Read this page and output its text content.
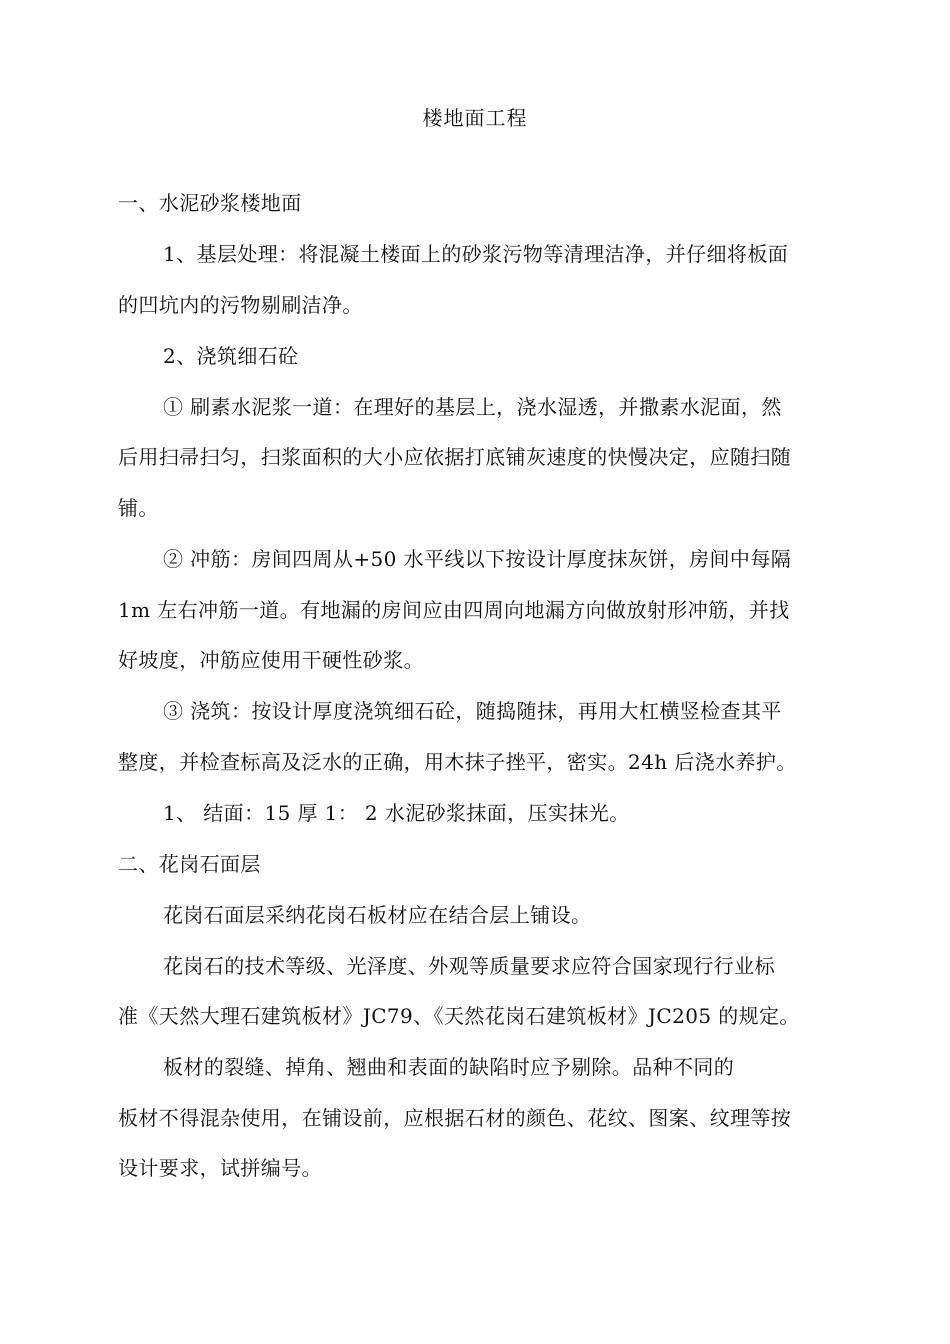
楼地面工程
一、水泥砂浆楼地面
1、基层处理：将混凝土楼面上的砂浆污物等清理洁净，并仔细将板面
的凹坑内的污物剔刷洁净。
2、浇筑细石砼
① 刷素水泥浆一道：在理好的基层上，浇水湿透，并撒素水泥面，然
后用扫帚扫匀，扫浆面积的大小应依据打底铺灰速度的快慢决定，应随扫随
铺。
② 冲筋：房间四周从+50 水平线以下按设计厚度抹灰饼，房间中每隔
1m 左右冲筋一道。有地漏的房间应由四周向地漏方向做放射形冲筋，并找
好坡度，冲筋应使用干硬性砂浆。
③ 浇筑：按设计厚度浇筑细石砼，随捣随抹，再用大杠横竖检查其平
整度，并检查标高及泛水的正确，用木抹子挫平，密实。24h 后浇水养护。
1、 结面：15 厚 1： 2 水泥砂浆抹面，压实抹光。
二、花岗石面层
花岗石面层采纳花岗石板材应在结合层上铺设。
花岗石的技术等级、光泽度、外观等质量要求应符合国家现行行业标
准《天然大理石建筑板材》JC79、《天然花岗石建筑板材》JC205 的规定。
板材的裂缝、掉角、翘曲和表面的缺陷时应予剔除。品种不同的
板材不得混杂使用，在铺设前，应根据石材的颜色、花纹、图案、纹理等按
设计要求，试拼编号。
